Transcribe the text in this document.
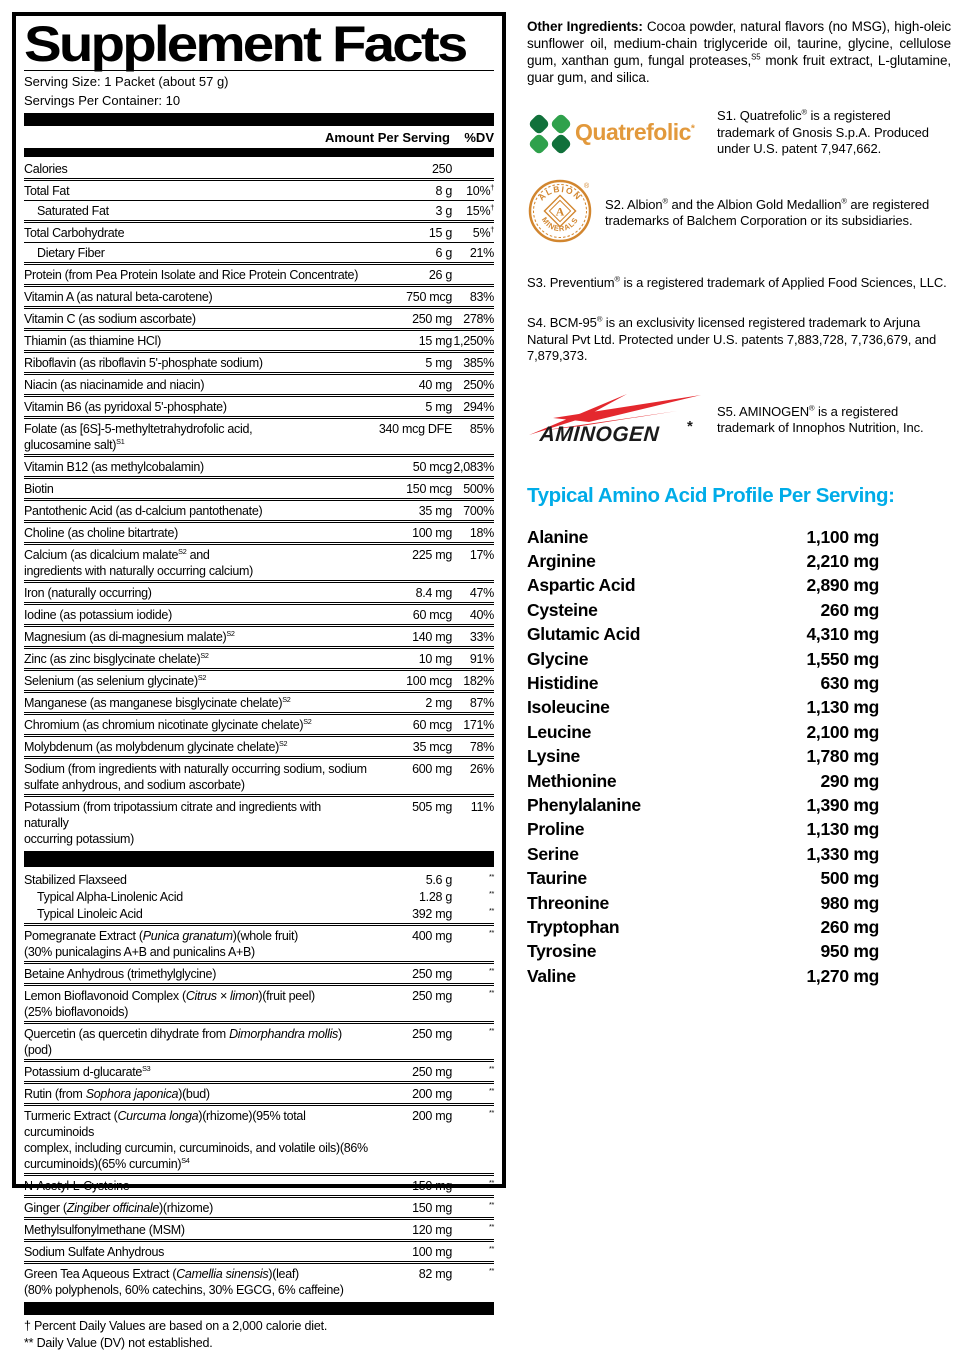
Supplement Facts
Serving Size: 1 Packet (about 57 g)
Servings Per Container: 10
Amount Per Serving	%DV
Calories	250
Total Fat	8 g	10%†
Saturated Fat	3 g	15%†
Total Carbohydrate	15 g	5%†
Dietary Fiber	6 g	21%
Protein (from Pea Protein Isolate and Rice Protein Concentrate)	26 g
Vitamin A (as natural beta-carotene)	750 mcg	83%
Vitamin C (as sodium ascorbate)	250 mg 278%
Thiamin (as thiamine HCl)	15 mg 1,250%
Riboflavin (as riboflavin 5'-phosphate sodium)	5 mg 385%
Niacin (as niacinamide and niacin)	40 mg 250%
Vitamin B6 (as pyridoxal 5'-phosphate)	5 mg 294%
Folate (as [6S]-5-methyltetrahydrofolic acid,
glucosamine salt)$^{S1}$
340 mcg DFE	85%
Vitamin B12 (as methylcobalamin)	50 mcg 2,083%
Biotin	150 mcg 500%
Pantothenic Acid (as d-calcium pantothenate)	35 mg 700%
Choline (as choline bitartrate)	100 mg	18%
Calcium (as dicalcium malate$^{S2}$ and
ingredients with naturally occurring calcium)
225 mg	17%
Iron (naturally occurring)	8.4 mg	47%
Iodine (as potassium iodide)	60 mcg	40%
Magnesium (as di-magnesium malate)$^{S2}$	140 mg	33%
Zinc (as zinc bisglycinate chelate)$^{S2}$	10 mg	91%
Selenium (as selenium glycinate)$^{S2}$	100 mcg 182%
Manganese (as manganese bisglycinate chelate)$^{S2}$	2 mg	87%
Chromium (as chromium nicotinate glycinate chelate)$^{S2}$	60 mcg 171%
Molybdenum (as molybdenum glycinate chelate)$^{S2}$	35 mcg	78%
Sodium (from ingredients with naturally occurring sodium, sodium
sulfate anhydrous, and sodium ascorbate)
600 mg	26%
Potassium (from tripotassium citrate and ingredients with naturally
occurring potassium)
505 mg	11%
Stabilized Flaxseed	5.6 g	**
Typical Alpha-Linolenic Acid	1.28 g	**
Typical Linoleic Acid	392 mg	**
Pomegranate Extract (Punica granatum)(whole fruit)
(30% punicalagins A+B and punicalins A+B)
400 mg	**
Betaine Anhydrous (trimethylglycine)	250 mg	**
Lemon Bioflavonoid Complex (Citrus × limon)(fruit peel)
(25% bioflavonoids)
250 mg	**
Quercetin (as quercetin dihydrate from Dimorphandra mollis)(pod)
250 mg	**
Potassium d-glucarate$^{S3}$	250 mg	**
Rutin (from Sophora japonica)(bud)	200 mg	**
Turmeric Extract (Curcuma longa)(rhizome)(95% total curcuminoids
complex, including curcumin, curcuminoids, and volatile oils)(86%
curcuminoids)(65% curcumin)$^{S4}$
200 mg	**
N-Acetyl-L-Cysteine	150 mg	**
Ginger (Zingiber officinale)(rhizome)	150 mg	**
Methylsulfonylmethane (MSM)	120 mg	**
Sodium Sulfate Anhydrous	100 mg	**
Green Tea Aqueous Extract (Camellia sinensis)(leaf)
(80% polyphenols, 60% catechins, 30% EGCG, 6% caffeine)
82 mg	**
† Percent Daily Values are based on a 2,000 calorie diet.
** Daily Value (DV) not established.

Other Ingredients: Cocoa powder, natural flavors (no MSG), high-oleic sunflower oil, medium-chain triglyceride oil, taurine, glycine, cellulose gum, xanthan gum, fungal proteases,$^{S5}$ monk fruit extract, L-glutamine, guar gum, and silica.

Quatrefolic*
S1. Quatrefolic® is a registered trademark of Gnosis S.p.A. Produced under U.S. patent 7,947,662.
A
ALBION
MINERALS
®
S2. Albion® and the Albion Gold Medallion® are registered trademarks of Balchem Corporation or its subsidiaries.
S3. Preventium® is a registered trademark of Applied Food Sciences, LLC.
S4. BCM-95® is an exclusivity licensed registered trademark to Arjuna Natural Pvt Ltd. Protected under U.S. patents 7,883,728, 7,736,679, and 7,879,373.
AMINOGEN *
S5. AMINOGEN® is a registered trademark of Innophos Nutrition, Inc.
Typical Amino Acid Profile Per Serving:
Alanine	1,100 mg
Arginine	2,210 mg
Aspartic Acid	2,890 mg
Cysteine	260 mg
Glutamic Acid	4,310 mg
Glycine	1,550 mg
Histidine	630 mg
Isoleucine	1,130 mg
Leucine	2,100 mg
Lysine	1,780 mg
Methionine	290 mg
Phenylalanine	1,390 mg
Proline	1,130 mg
Serine	1,330 mg
Taurine	500 mg
Threonine	980 mg
Tryptophan	260 mg
Tyrosine	950 mg
Valine	1,270 mg
